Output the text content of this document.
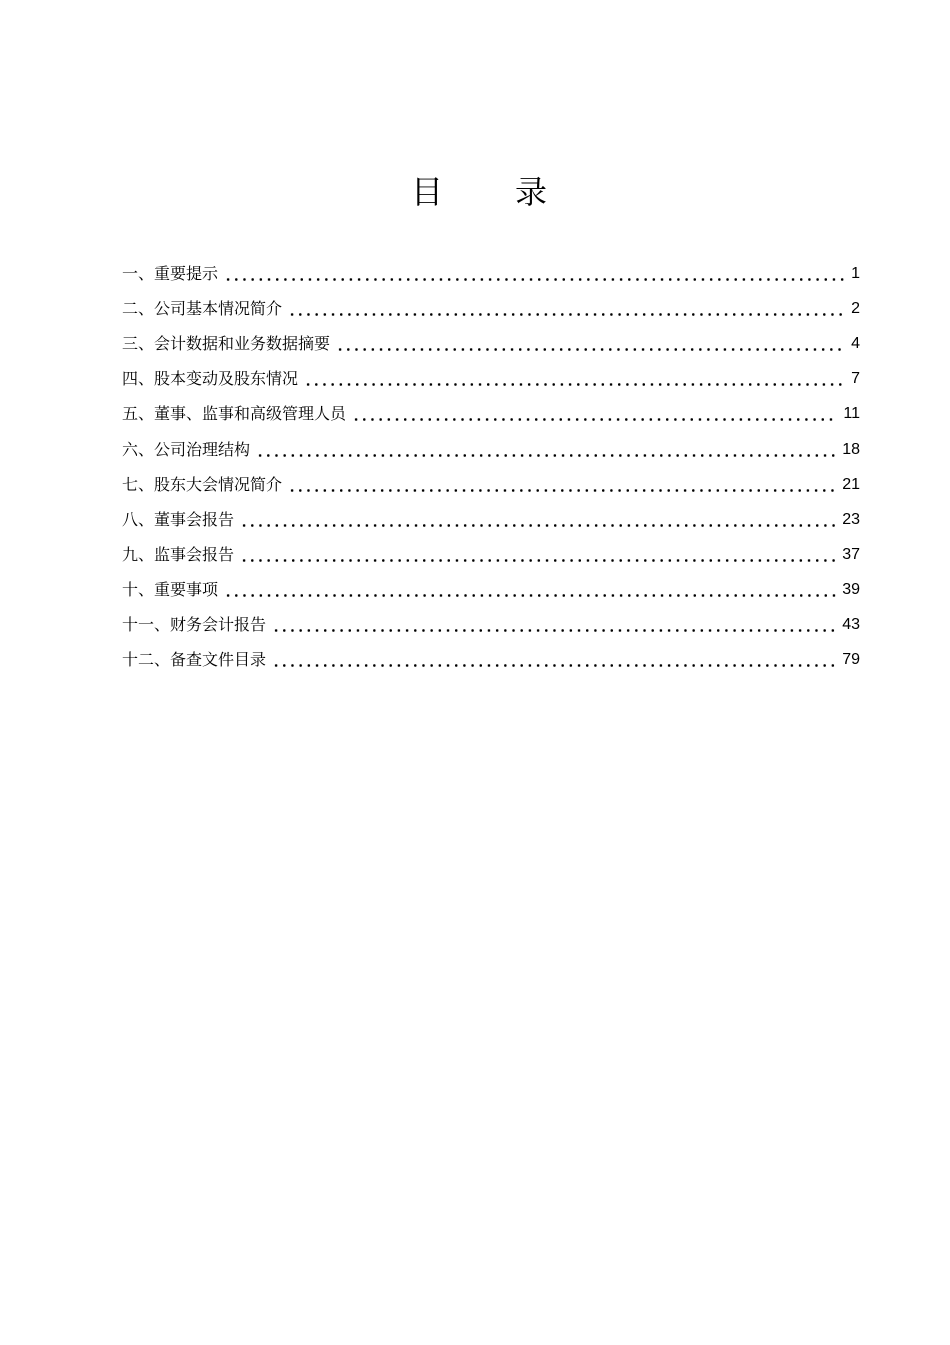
目 录
一、重要提示	1
二、公司基本情况简介	2
三、会计数据和业务数据摘要	4
四、股本变动及股东情况	7
五、董事、监事和高级管理人员	11
六、公司治理结构	18
七、股东大会情况简介	21
八、董事会报告	23
九、监事会报告	37
十、重要事项	39
十一、财务会计报告	43
十二、备查文件目录	79
